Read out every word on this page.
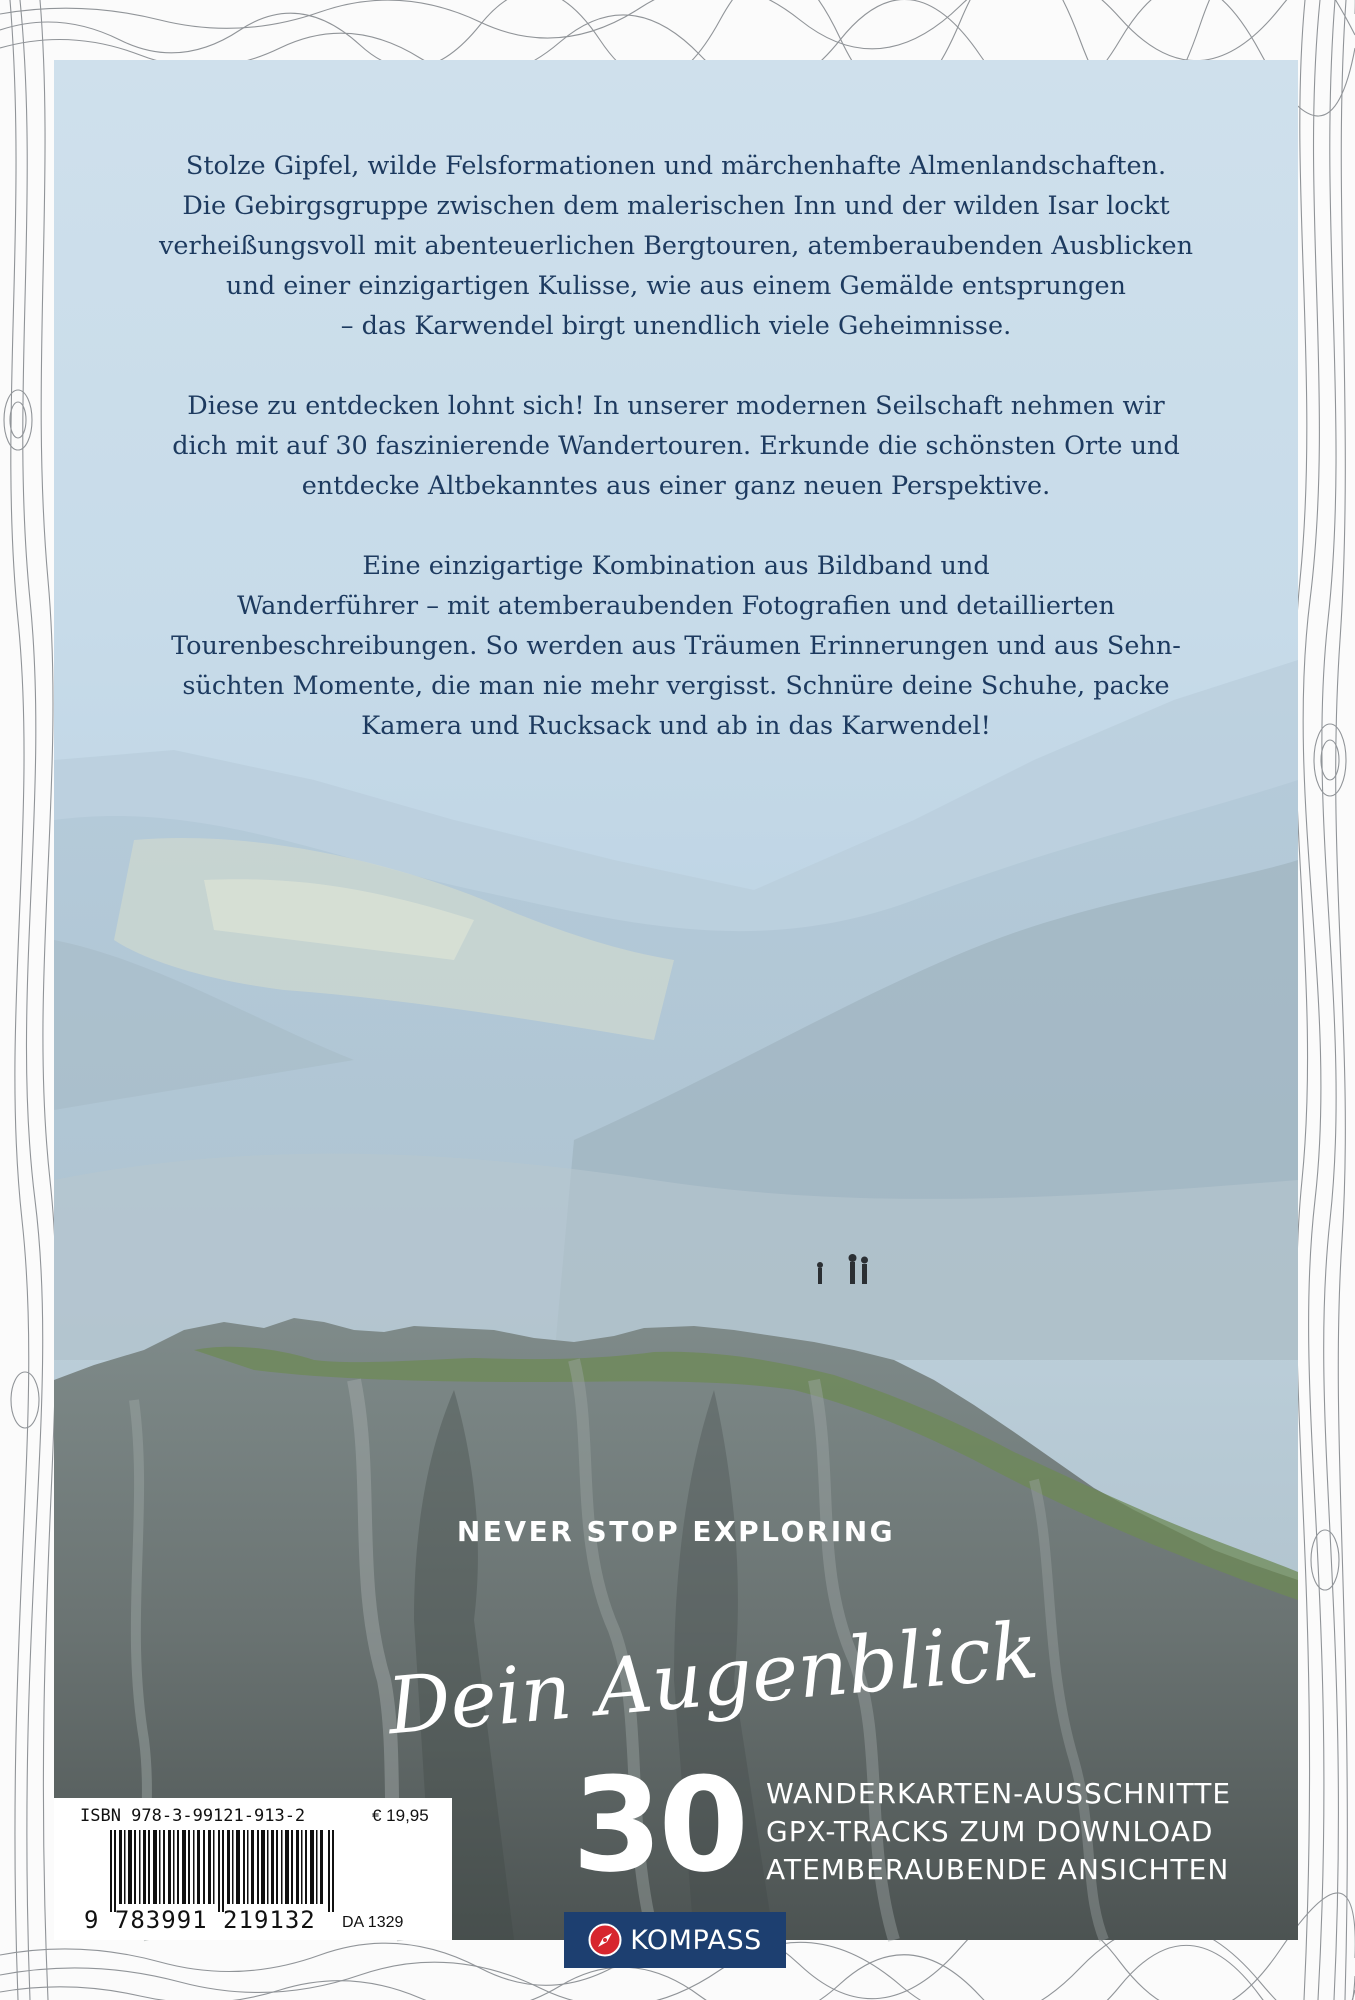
Stolze Gipfel, wilde Felsformationen und märchenhafte Almenlandschaften.
Die Gebirgsgruppe zwischen dem malerischen Inn und der wilden Isar lockt
verheißungsvoll mit abenteuerlichen Bergtouren, atemberaubenden Ausblicken
und einer einzigartigen Kulisse, wie aus einem Gemälde entsprungen
– das Karwendel birgt unendlich viele Geheimnisse.

Diese zu entdecken lohnt sich! In unserer modernen Seilschaft nehmen wir
dich mit auf 30 faszinierende Wandertouren. Erkunde die schönsten Orte und
entdecke Altbekanntes aus einer ganz neuen Perspektive.

Eine einzigartige Kombination aus Bildband und
Wanderführer – mit atemberaubenden Fotografien und detaillierten
Tourenbeschreibungen. So werden aus Träumen Erinnerungen und aus Sehn-
süchten Momente, die man nie mehr vergisst. Schnüre deine Schuhe, packe
Kamera und Rucksack und ab in das Karwendel!

NEVER STOP EXPLORING
Dein Augenblick
30 WANDERKARTEN-AUSSCHNITTE
GPX-TRACKS ZUM DOWNLOAD
ATEMBERAUBENDE ANSICHTEN
ISBN 978-3-99121-913-2	€ 19,95
9 783991 219132 DA 1329
KOMPASS
